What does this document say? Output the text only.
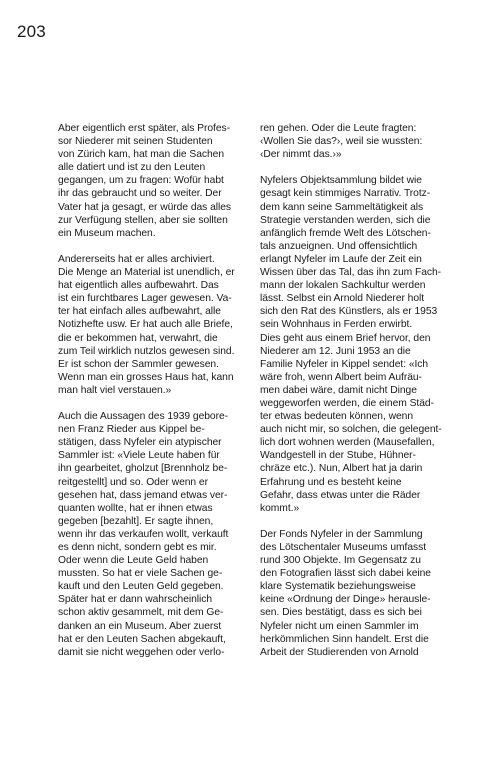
203
Aber eigentlich erst später, als Profes-
sor Niederer mit seinen Studenten
von Zürich kam, hat man die Sachen
alle datiert und ist zu den Leuten
gegangen, um zu fragen: Wofür habt
ihr das gebraucht und so weiter. Der
Vater hat ja gesagt, er würde das alles
zur Verfügung stellen, aber sie sollten
ein Museum machen.
Andererseits hat er alles archiviert.
Die Menge an Material ist unendlich, er
hat eigentlich alles aufbewahrt. Das
ist ein furchtbares Lager gewesen. Va-
ter hat einfach alles aufbewahrt, alle
Notizhefte usw. Er hat auch alle Briefe,
die er bekommen hat, verwahrt, die
zum Teil wirklich nutzlos gewesen sind.
Er ist schon der Sammler gewesen.
Wenn man ein grosses Haus hat, kann
man halt viel verstauen.»
Auch die Aussagen des 1939 gebore-
nen Franz Rieder aus Kippel be-
stätigen, dass Nyfeler ein atypischer
Sammler ist: «Viele Leute haben für
ihn gearbeitet, gholzut [Brennholz be-
reitgestellt] und so. Oder wenn er
gesehen hat, dass jemand etwas ver-
quanten wollte, hat er ihnen etwas
gegeben [bezahlt]. Er sagte ihnen,
wenn ihr das verkaufen wollt, verkauft
es denn nicht, sondern gebt es mir.
Oder wenn die Leute Geld haben
mussten. So hat er viele Sachen ge-
kauft und den Leuten Geld gegeben.
Später hat er dann wahrscheinlich
schon aktiv gesammelt, mit dem Ge-
danken an ein Museum. Aber zuerst
hat er den Leuten Sachen abgekauft,
damit sie nicht weggehen oder verlo-
ren gehen. Oder die Leute fragten:
‹Wollen Sie das?›, weil sie wussten:
‹Der nimmt das.›»
Nyfelers Objektsammlung bildet wie
gesagt kein stimmiges Narrativ. Trotz-
dem kann seine Sammeltätigkeit als
Strategie verstanden werden, sich die
anfänglich fremde Welt des Lötschen-
tals anzueignen. Und offensichtlich
erlangt Nyfeler im Laufe der Zeit ein
Wissen über das Tal, das ihn zum Fach-
mann der lokalen Sachkultur werden
lässt. Selbst ein Arnold Niederer holt
sich den Rat des Künstlers, als er 1953
sein Wohnhaus in Ferden erwirbt.
Dies geht aus einem Brief hervor, den
Niederer am 12. Juni 1953 an die
Familie Nyfeler in Kippel sendet: «Ich
wäre froh, wenn Albert beim Aufräu-
men dabei wäre, damit nicht Dinge
weggeworfen werden, die einem Städ-
ter etwas bedeuten können, wenn
auch nicht mir, so solchen, die gelegent-
lich dort wohnen werden (Mausefallen,
Wandgestell in der Stube, Hühner-
chräze etc.). Nun, Albert hat ja darin
Erfahrung und es besteht keine
Gefahr, dass etwas unter die Räder
kommt.»
Der Fonds Nyfeler in der Sammlung
des Lötschentaler Museums umfasst
rund 300 Objekte. Im Gegensatz zu
den Fotografien lässt sich dabei keine
klare Systematik beziehungsweise
keine «Ordnung der Dinge» herausle-
sen. Dies bestätigt, dass es sich bei
Nyfeler nicht um einen Sammler im
herkömmlichen Sinn handelt. Erst die
Arbeit der Studierenden von Arnold
